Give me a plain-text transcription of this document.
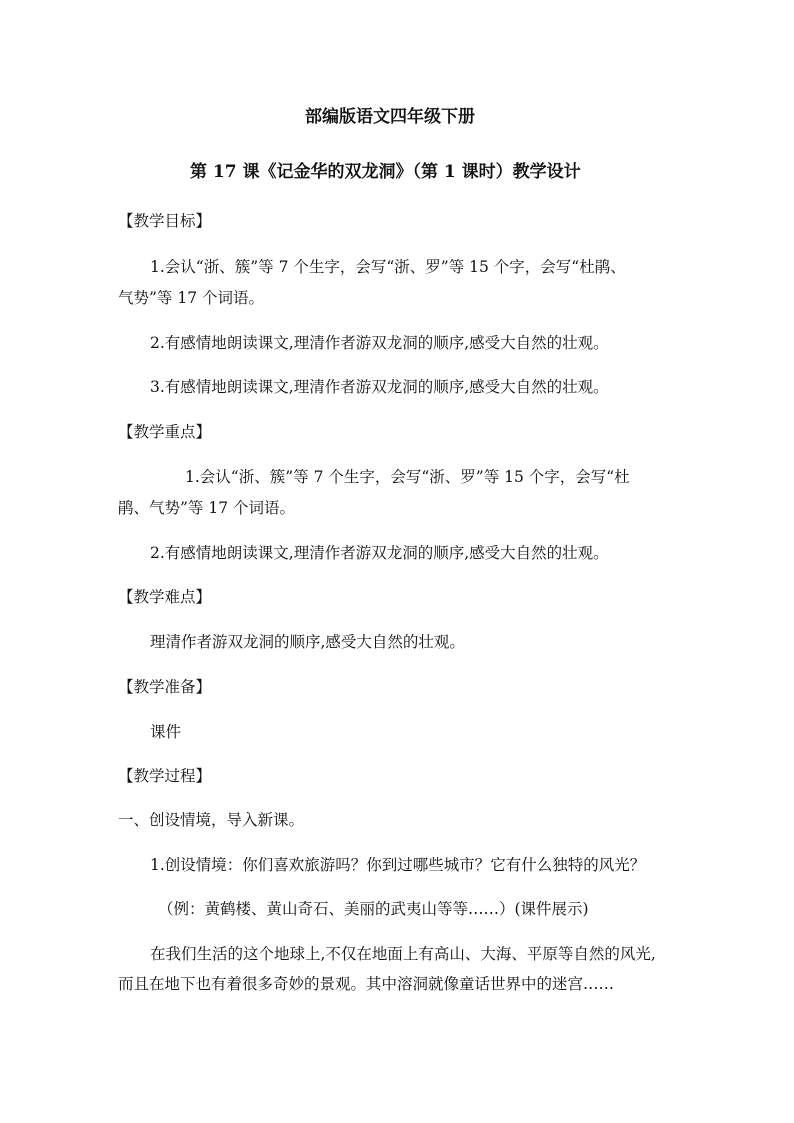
部编版语文四年级下册

第 17 课《记金华的双龙洞》（第 1 课时）教学设计

【教学目标】

1.会认“浙、簇”等 7 个生字，会写“浙、罗”等 15 个字，会写“杜鹃、

气势”等 17 个词语。

2.有感情地朗读课文,理清作者游双龙洞的顺序,感受大自然的壮观。

3.有感情地朗读课文,理清作者游双龙洞的顺序,感受大自然的壮观。

【教学重点】

1.会认“浙、簇”等 7 个生字，会写“浙、罗”等 15 个字，会写“杜

鹃、气势”等 17 个词语。

2.有感情地朗读课文,理清作者游双龙洞的顺序,感受大自然的壮观。

【教学难点】

理清作者游双龙洞的顺序,感受大自然的壮观。

【教学准备】

课件

【教学过程】

一、创设情境，导入新课。

1.创设情境：你们喜欢旅游吗？你到过哪些城市？它有什么独特的风光？

（例：黄鹤楼、黄山奇石、美丽的武夷山等等……）(课件展示)

在我们生活的这个地球上,不仅在地面上有高山、大海、平原等自然的风光,

而且在地下也有着很多奇妙的景观。其中溶洞就像童话世界中的迷宫……
